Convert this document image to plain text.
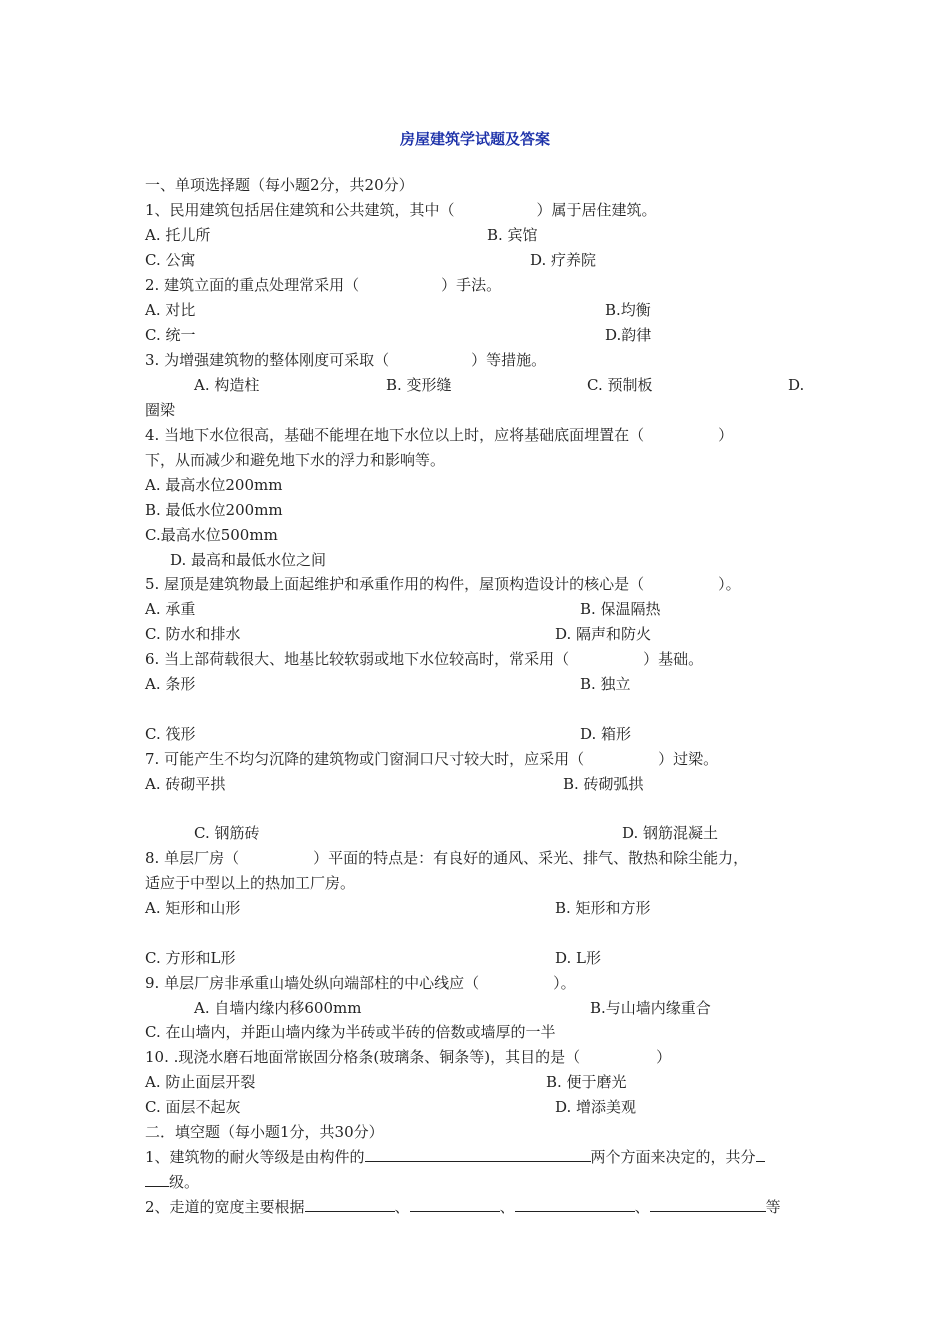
房屋建筑学试题及答案
一、单项选择题（每小题2分，共20分）
1、民用建筑包括居住建筑和公共建筑，其中（	）属于居住建筑。
A. 托儿所	B. 宾馆
C. 公寓	D. 疗养院
2. 建筑立面的重点处理常采用（	）手法。
A. 对比	B.均衡
C. 统一	D.韵律
3. 为增强建筑物的整体刚度可采取（	）等措施。
A. 构造柱	B. 变形缝	C. 预制板	D.
圈梁
4. 当地下水位很高，基础不能埋在地下水位以上时，应将基础底面埋置在（	）
下，从而减少和避免地下水的浮力和影响等。
A. 最高水位200mm
B. 最低水位200mm
C.最高水位500mm
D. 最高和最低水位之间
5. 屋顶是建筑物最上面起维护和承重作用的构件，屋顶构造设计的核心是（	）。
A. 承重	B. 保温隔热
C. 防水和排水	D. 隔声和防火
6. 当上部荷载很大、地基比较软弱或地下水位较高时，常采用（	）基础。
A. 条形	B. 独立
C. 筏形	D. 箱形
7. 可能产生不均匀沉降的建筑物或门窗洞口尺寸较大时，应采用（	）过梁。
A. 砖砌平拱	B. 砖砌弧拱
C. 钢筋砖	D. 钢筋混凝土
8. 单层厂房（	）平面的特点是：有良好的通风、采光、排气、散热和除尘能力，
适应于中型以上的热加工厂房。
A. 矩形和山形	B. 矩形和方形
C. 方形和L形	D. L形
9. 单层厂房非承重山墙处纵向端部柱的中心线应（	）。
A. 自墙内缘内移600mm	B.与山墙内缘重合
C. 在山墙内，并距山墙内缘为半砖或半砖的倍数或墙厚的一半
10. .现浇水磨石地面常嵌固分格条(玻璃条、铜条等)，其目的是（	）
A. 防止面层开裂	B. 便于磨光
C. 面层不起灰	D. 增添美观
二．填空题（每小题1分，共30分）
1、建筑物的耐火等级是由构件的	两个方面来决定的，共分
级。
2、走道的宽度主要根据	、	、	、	等
